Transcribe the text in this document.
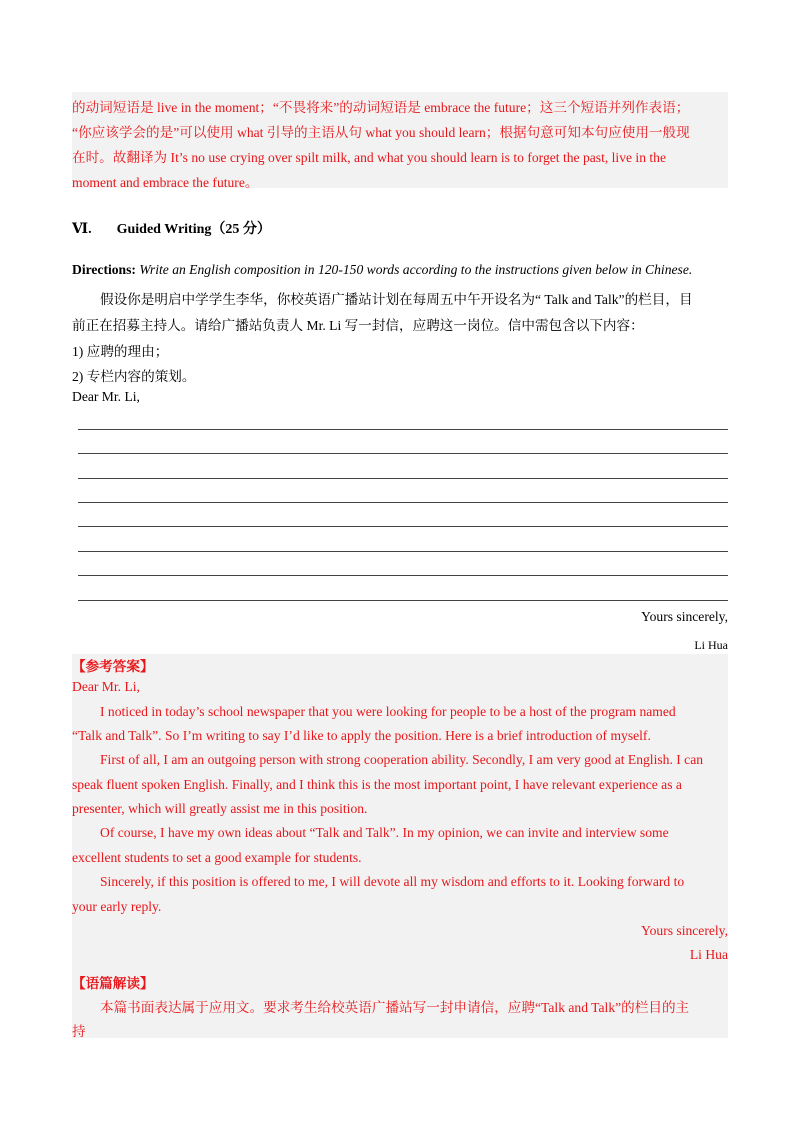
的动词短语是 live in the moment；“不畏将来”的动词短语是 embrace the future；这三个短语并列作表语；
“你应该学会的是”可以使用 what 引导的主语从句 what you should learn；根据句意可知本句应使用一般现
在时。故翻译为 It’s no use crying over spilt milk, and what you should learn is to forget the past, live in the
moment and embrace the future。
Ⅵ. Guided Writing（25 分）
Directions: Write an English composition in 120-150 words according to the instructions given below in Chinese.
假设你是明启中学学生李华，你校英语广播站计划在每周五中午开设名为“ Talk and Talk”的栏目，目
前正在招募主持人。请给广播站负责人 Mr. Li 写一封信，应聘这一岗位。信中需包含以下内容：
1) 应聘的理由；
2) 专栏内容的策划。
Dear Mr. Li,
Yours sincerely,
Li Hua
【参考答案】
Dear Mr. Li,
I noticed in today’s school newspaper that you were looking for people to be a host of the program named
“Talk and Talk”. So I’m writing to say I’d like to apply the position. Here is a brief introduction of myself.
First of all, I am an outgoing person with strong cooperation ability. Secondly, I am very good at English. I can
speak fluent spoken English. Finally, and I think this is the most important point, I have relevant experience as a
presenter, which will greatly assist me in this position.
Of course, I have my own ideas about “Talk and Talk”. In my opinion, we can invite and interview some
excellent students to set a good example for students.
Sincerely, if this position is offered to me, I will devote all my wisdom and efforts to it. Looking forward to
your early reply.
Yours sincerely,
Li Hua
【语篇解读】
本篇书面表达属于应用文。要求考生给校英语广播站写一封申请信，应聘“Talk and Talk”的栏目的主
持
